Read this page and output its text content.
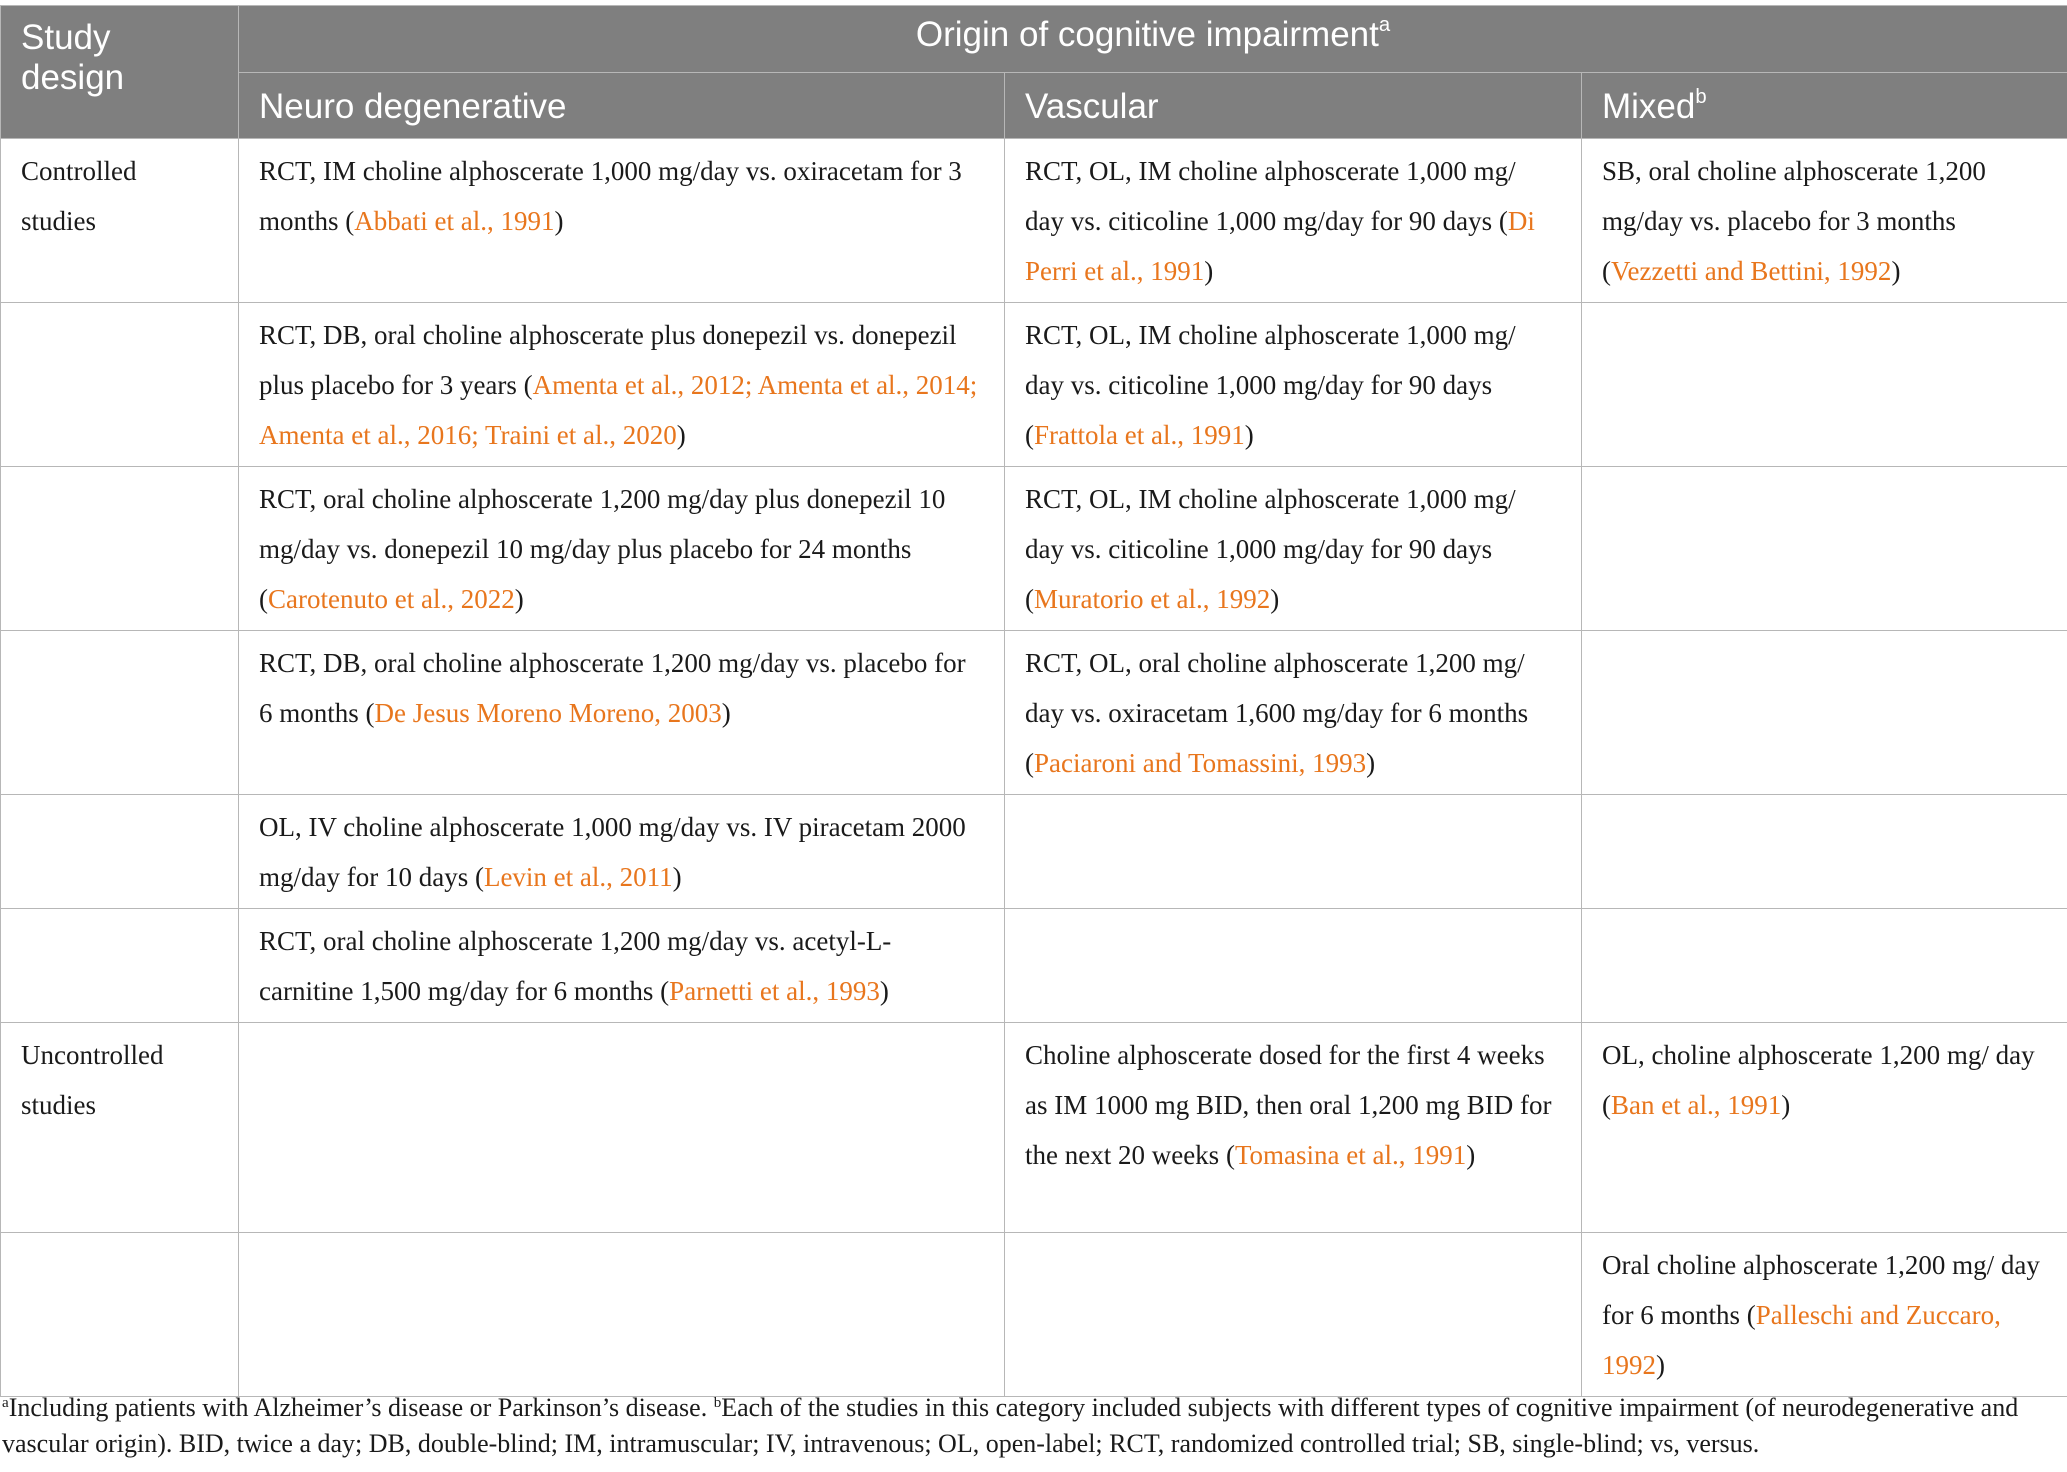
Study design	Origin of cognitive impairment$^a$
	Neuro degenerative	Vascular	Mixed$^b$
Controlled studies	RCT, IM choline alphoscerate 1,000 mg/day vs. oxiracetam for 3 months (Abbati et al., 1991)	RCT, OL, IM choline alphoscerate 1,000 mg/ day vs. citicoline 1,000 mg/day for 90 days (Di Perri et al., 1991)	SB, oral choline alphoscerate 1,200 mg/day vs. placebo for 3 months (Vezzetti and Bettini, 1992)
	RCT, DB, oral choline alphoscerate plus donepezil vs. donepezil plus placebo for 3 years (Amenta et al., 2012; Amenta et al., 2014; Amenta et al., 2016; Traini et al., 2020)	RCT, OL, IM choline alphoscerate 1,000 mg/ day vs. citicoline 1,000 mg/day for 90 days (Frattola et al., 1991)	
	RCT, oral choline alphoscerate 1,200 mg/day plus donepezil 10 mg/day vs. donepezil 10 mg/day plus placebo for 24 months (Carotenuto et al., 2022)	RCT, OL, IM choline alphoscerate 1,000 mg/ day vs. citicoline 1,000 mg/day for 90 days (Muratorio et al., 1992)	
	RCT, DB, oral choline alphoscerate 1,200 mg/day vs. placebo for 6 months (De Jesus Moreno Moreno, 2003)	RCT, OL, oral choline alphoscerate 1,200 mg/ day vs. oxiracetam 1,600 mg/day for 6 months (Paciaroni and Tomassini, 1993)	
	OL, IV choline alphoscerate 1,000 mg/day vs. IV piracetam 2000 mg/day for 10 days (Levin et al., 2011)		
	RCT, oral choline alphoscerate 1,200 mg/day vs. acetyl-L-carnitine 1,500 mg/day for 6 months (Parnetti et al., 1993)		
Uncontrolled studies		Choline alphoscerate dosed for the first 4 weeks as IM 1000 mg BID, then oral 1,200 mg BID for the next 20 weeks (Tomasina et al., 1991)	OL, choline alphoscerate 1,200 mg/ day (Ban et al., 1991)
			Oral choline alphoscerate 1,200 mg/ day for 6 months (Palleschi and Zuccaro, 1992)
$^a$Including patients with Alzheimer’s disease or Parkinson’s disease. $^b$Each of the studies in this category included subjects with different types of cognitive impairment (of neurodegenerative and vascular origin). BID, twice a day; DB, double-blind; IM, intramuscular; IV, intravenous; OL, open-label; RCT, randomized controlled trial; SB, single-blind; vs, versus.
